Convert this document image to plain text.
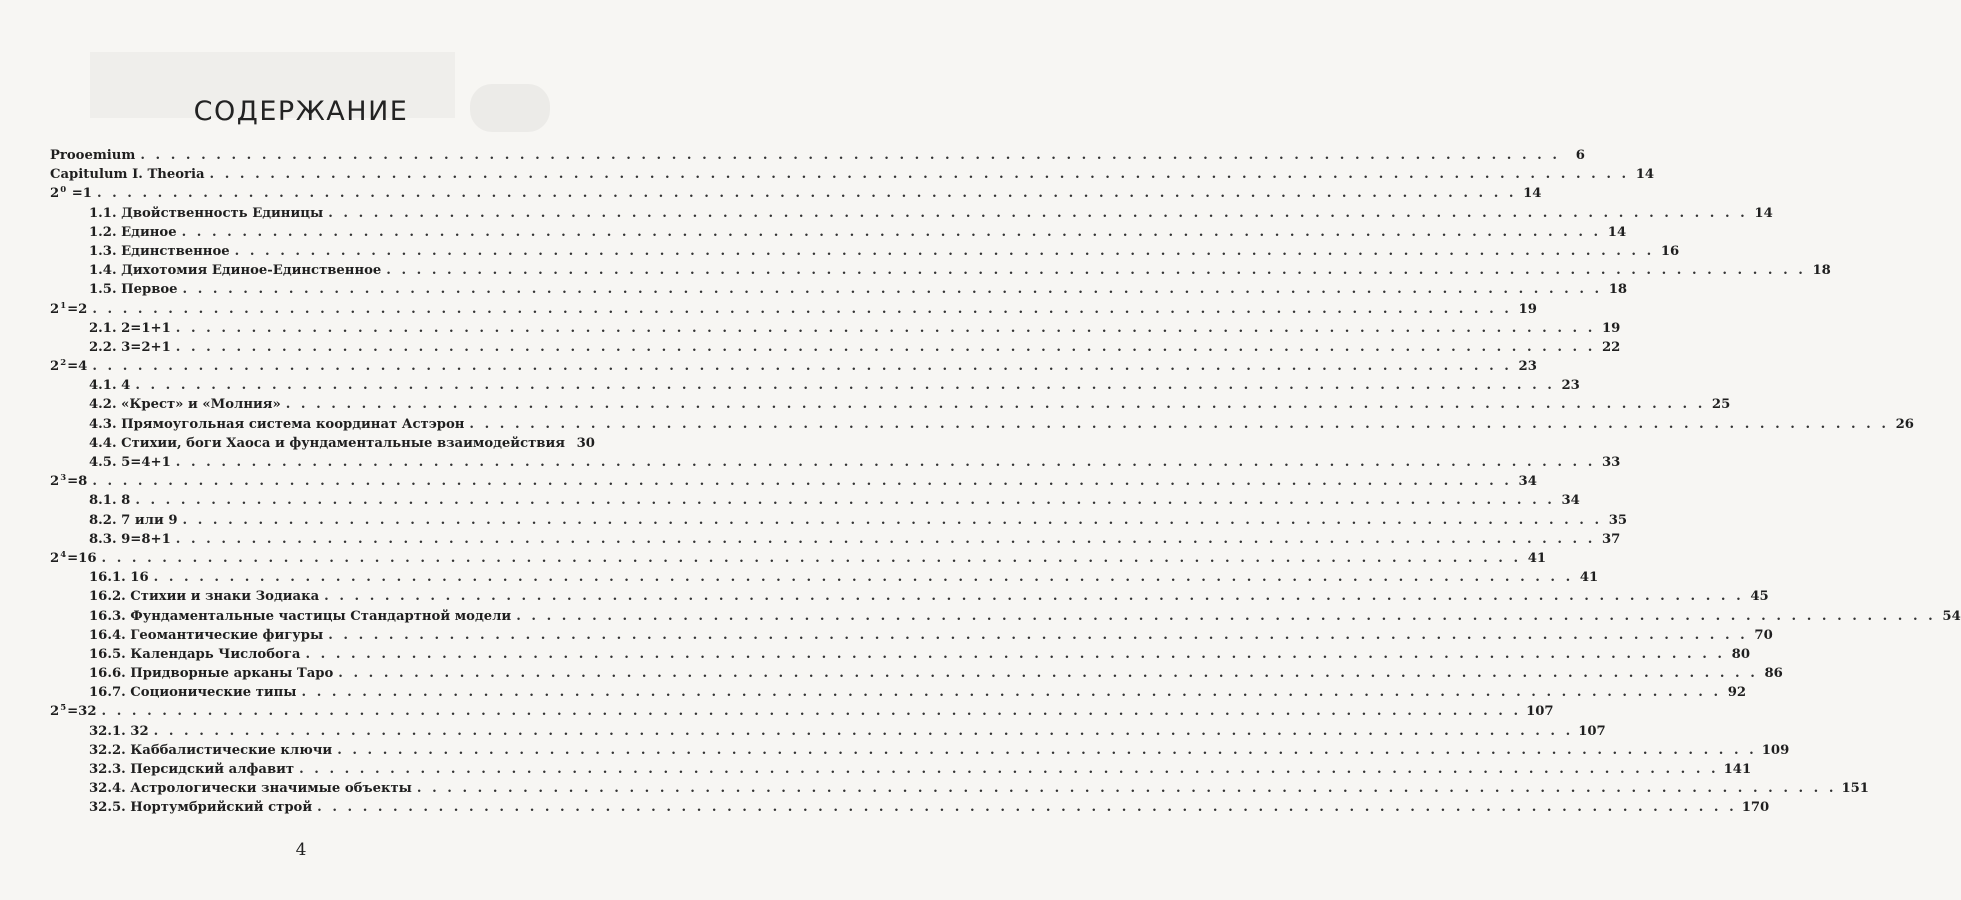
СОДЕРЖАНИЕ
Prooemium . . . . . . . . . . . . . . . . . . . . . . . . . . . . . . . . . . . . . . . . . . . . . . . . . . . . . . . . . . . . . . . . . . . . . . . . . . . . . . . . . . . . . . . . . . . . . .	6
Capitulum I. Theoria . . . . . . . . . . . . . . . . . . . . . . . . . . . . . . . . . . . . . . . . . . . . . . . . . . . . . . . . . . . . . . . . . . . . . . . . . . . . . . . . . . . . . . . . . . . . . . 14
$2^0 =1$ . . . . . . . . . . . . . . . . . . . . . . . . . . . . . . . . . . . . . . . . . . . . . . . . . . . . . . . . . . . . . . . . . . . . . . . . . . . . . . . . . . . . . . . . . . . . . . 14
1.1. Двойственность Единицы . . . . . . . . . . . . . . . . . . . . . . . . . . . . . . . . . . . . . . . . . . . . . . . . . . . . . . . . . . . . . . . . . . . . . . . . . . . . . . . . . . . . . . . . . . . . . . 14
1.2. Единое . . . . . . . . . . . . . . . . . . . . . . . . . . . . . . . . . . . . . . . . . . . . . . . . . . . . . . . . . . . . . . . . . . . . . . . . . . . . . . . . . . . . . . . . . . . . . . 14
1.3. Единственное . . . . . . . . . . . . . . . . . . . . . . . . . . . . . . . . . . . . . . . . . . . . . . . . . . . . . . . . . . . . . . . . . . . . . . . . . . . . . . . . . . . . . . . . . . . . . . 16
1.4. Дихотомия Единое-Единственное . . . . . . . . . . . . . . . . . . . . . . . . . . . . . . . . . . . . . . . . . . . . . . . . . . . . . . . . . . . . . . . . . . . . . . . . . . . . . . . . . . . . . . . . . . . . . . 18
1.5. Первое . . . . . . . . . . . . . . . . . . . . . . . . . . . . . . . . . . . . . . . . . . . . . . . . . . . . . . . . . . . . . . . . . . . . . . . . . . . . . . . . . . . . . . . . . . . . . . 18
$2^1=2$ . . . . . . . . . . . . . . . . . . . . . . . . . . . . . . . . . . . . . . . . . . . . . . . . . . . . . . . . . . . . . . . . . . . . . . . . . . . . . . . . . . . . . . . . . . . . . . 19
2.1. 2=1+1 . . . . . . . . . . . . . . . . . . . . . . . . . . . . . . . . . . . . . . . . . . . . . . . . . . . . . . . . . . . . . . . . . . . . . . . . . . . . . . . . . . . . . . . . . . . . . . 19
2.2. 3=2+1 . . . . . . . . . . . . . . . . . . . . . . . . . . . . . . . . . . . . . . . . . . . . . . . . . . . . . . . . . . . . . . . . . . . . . . . . . . . . . . . . . . . . . . . . . . . . . . 22
$2^2=4$ . . . . . . . . . . . . . . . . . . . . . . . . . . . . . . . . . . . . . . . . . . . . . . . . . . . . . . . . . . . . . . . . . . . . . . . . . . . . . . . . . . . . . . . . . . . . . . 23
4.1. 4 . . . . . . . . . . . . . . . . . . . . . . . . . . . . . . . . . . . . . . . . . . . . . . . . . . . . . . . . . . . . . . . . . . . . . . . . . . . . . . . . . . . . . . . . . . . . . . 23
4.2. «Крест» и «Молния» . . . . . . . . . . . . . . . . . . . . . . . . . . . . . . . . . . . . . . . . . . . . . . . . . . . . . . . . . . . . . . . . . . . . . . . . . . . . . . . . . . . . . . . . . . . . . . 25
4.3. Прямоугольная система координат Астэрон . . . . . . . . . . . . . . . . . . . . . . . . . . . . . . . . . . . . . . . . . . . . . . . . . . . . . . . . . . . . . . . . . . . . . . . . . . . . . . . . . . . . . . . . . . . . . . 26
4.4. Стихии, боги Хаоса и фундаментальные взаимодействия 30
4.5. 5=4+1 . . . . . . . . . . . . . . . . . . . . . . . . . . . . . . . . . . . . . . . . . . . . . . . . . . . . . . . . . . . . . . . . . . . . . . . . . . . . . . . . . . . . . . . . . . . . . . 33
$2^3=8$ . . . . . . . . . . . . . . . . . . . . . . . . . . . . . . . . . . . . . . . . . . . . . . . . . . . . . . . . . . . . . . . . . . . . . . . . . . . . . . . . . . . . . . . . . . . . . . 34
8.1. 8 . . . . . . . . . . . . . . . . . . . . . . . . . . . . . . . . . . . . . . . . . . . . . . . . . . . . . . . . . . . . . . . . . . . . . . . . . . . . . . . . . . . . . . . . . . . . . . 34
8.2. 7 или 9 . . . . . . . . . . . . . . . . . . . . . . . . . . . . . . . . . . . . . . . . . . . . . . . . . . . . . . . . . . . . . . . . . . . . . . . . . . . . . . . . . . . . . . . . . . . . . . 35
8.3. 9=8+1 . . . . . . . . . . . . . . . . . . . . . . . . . . . . . . . . . . . . . . . . . . . . . . . . . . . . . . . . . . . . . . . . . . . . . . . . . . . . . . . . . . . . . . . . . . . . . . 37
$2^4=16$ . . . . . . . . . . . . . . . . . . . . . . . . . . . . . . . . . . . . . . . . . . . . . . . . . . . . . . . . . . . . . . . . . . . . . . . . . . . . . . . . . . . . . . . . . . . . . . 41
16.1. 16 . . . . . . . . . . . . . . . . . . . . . . . . . . . . . . . . . . . . . . . . . . . . . . . . . . . . . . . . . . . . . . . . . . . . . . . . . . . . . . . . . . . . . . . . . . . . . . 41
16.2. Стихии и знаки Зодиака . . . . . . . . . . . . . . . . . . . . . . . . . . . . . . . . . . . . . . . . . . . . . . . . . . . . . . . . . . . . . . . . . . . . . . . . . . . . . . . . . . . . . . . . . . . . . . 45
16.3. Фундаментальные частицы Стандартной модели . . . . . . . . . . . . . . . . . . . . . . . . . . . . . . . . . . . . . . . . . . . . . . . . . . . . . . . . . . . . . . . . . . . . . . . . . . . . . . . . . . . . . . . . . . . . . . 54
16.4. Геомантические фигуры . . . . . . . . . . . . . . . . . . . . . . . . . . . . . . . . . . . . . . . . . . . . . . . . . . . . . . . . . . . . . . . . . . . . . . . . . . . . . . . . . . . . . . . . . . . . . . 70
16.5. Календарь Числобога . . . . . . . . . . . . . . . . . . . . . . . . . . . . . . . . . . . . . . . . . . . . . . . . . . . . . . . . . . . . . . . . . . . . . . . . . . . . . . . . . . . . . . . . . . . . . . 80
16.6. Придворные арканы Таро . . . . . . . . . . . . . . . . . . . . . . . . . . . . . . . . . . . . . . . . . . . . . . . . . . . . . . . . . . . . . . . . . . . . . . . . . . . . . . . . . . . . . . . . . . . . . . 86
16.7. Соционические типы . . . . . . . . . . . . . . . . . . . . . . . . . . . . . . . . . . . . . . . . . . . . . . . . . . . . . . . . . . . . . . . . . . . . . . . . . . . . . . . . . . . . . . . . . . . . . . 92
$2^5=32$ . . . . . . . . . . . . . . . . . . . . . . . . . . . . . . . . . . . . . . . . . . . . . . . . . . . . . . . . . . . . . . . . . . . . . . . . . . . . . . . . . . . . . . . . . . . . . . 107
32.1. 32 . . . . . . . . . . . . . . . . . . . . . . . . . . . . . . . . . . . . . . . . . . . . . . . . . . . . . . . . . . . . . . . . . . . . . . . . . . . . . . . . . . . . . . . . . . . . . . 107
32.2. Каббалистические ключи . . . . . . . . . . . . . . . . . . . . . . . . . . . . . . . . . . . . . . . . . . . . . . . . . . . . . . . . . . . . . . . . . . . . . . . . . . . . . . . . . . . . . . . . . . . . . . 109
32.3. Персидский алфавит . . . . . . . . . . . . . . . . . . . . . . . . . . . . . . . . . . . . . . . . . . . . . . . . . . . . . . . . . . . . . . . . . . . . . . . . . . . . . . . . . . . . . . . . . . . . . . 141
32.4. Астрологически значимые объекты . . . . . . . . . . . . . . . . . . . . . . . . . . . . . . . . . . . . . . . . . . . . . . . . . . . . . . . . . . . . . . . . . . . . . . . . . . . . . . . . . . . . . . . . . . . . . . 151
32.5. Нортумбрийский строй . . . . . . . . . . . . . . . . . . . . . . . . . . . . . . . . . . . . . . . . . . . . . . . . . . . . . . . . . . . . . . . . . . . . . . . . . . . . . . . . . . . . . . . . . . . . . . 170
4
